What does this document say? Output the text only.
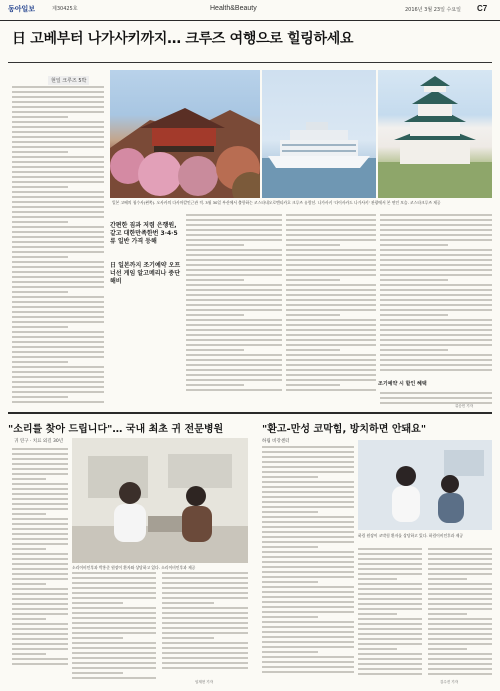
동아일보	제30425호	Health&Beauty	2016년 3월 23일 수요일 C7
日 고베부터 나가사키까지… 크루즈 여행으로 힐링하세요
현일 크루즈 5박
일본 고베의 청수사(왼쪽). 오사카의 다사마칼인근관 적. 3월 30일 부산에서 출항하는 코스타네오로맨티카호 크루즈 유람선. 나가사키 '다이사카드 나가사키' 관광에서 본 연인 모습. 코스타크루즈 제공
간편한 짐과 저렴 은행원, 같고 대한만족한번 3·4·5류 일반 가격 등해
日 일본까지 조기예약 오프너선 게임 알고메리나 중단해비
조기예약 시 할인 혜택
류승민 기자
"소리를 찾아 드립니다"… 국내 최초 귀 전문병원
귀 연구 · 치료 외길 30년
소리이비인후과 박홍준 원장이 환자와 상담하고 있다. 소리이비인후과 제공
임재현 기자
"환고-만성 코막힘, 방치하면 안돼요"
하림 비강센터
하림 원장이 코막힘 환자를 상담하고 있다. 하림이비인후과 제공
김수진 기자
